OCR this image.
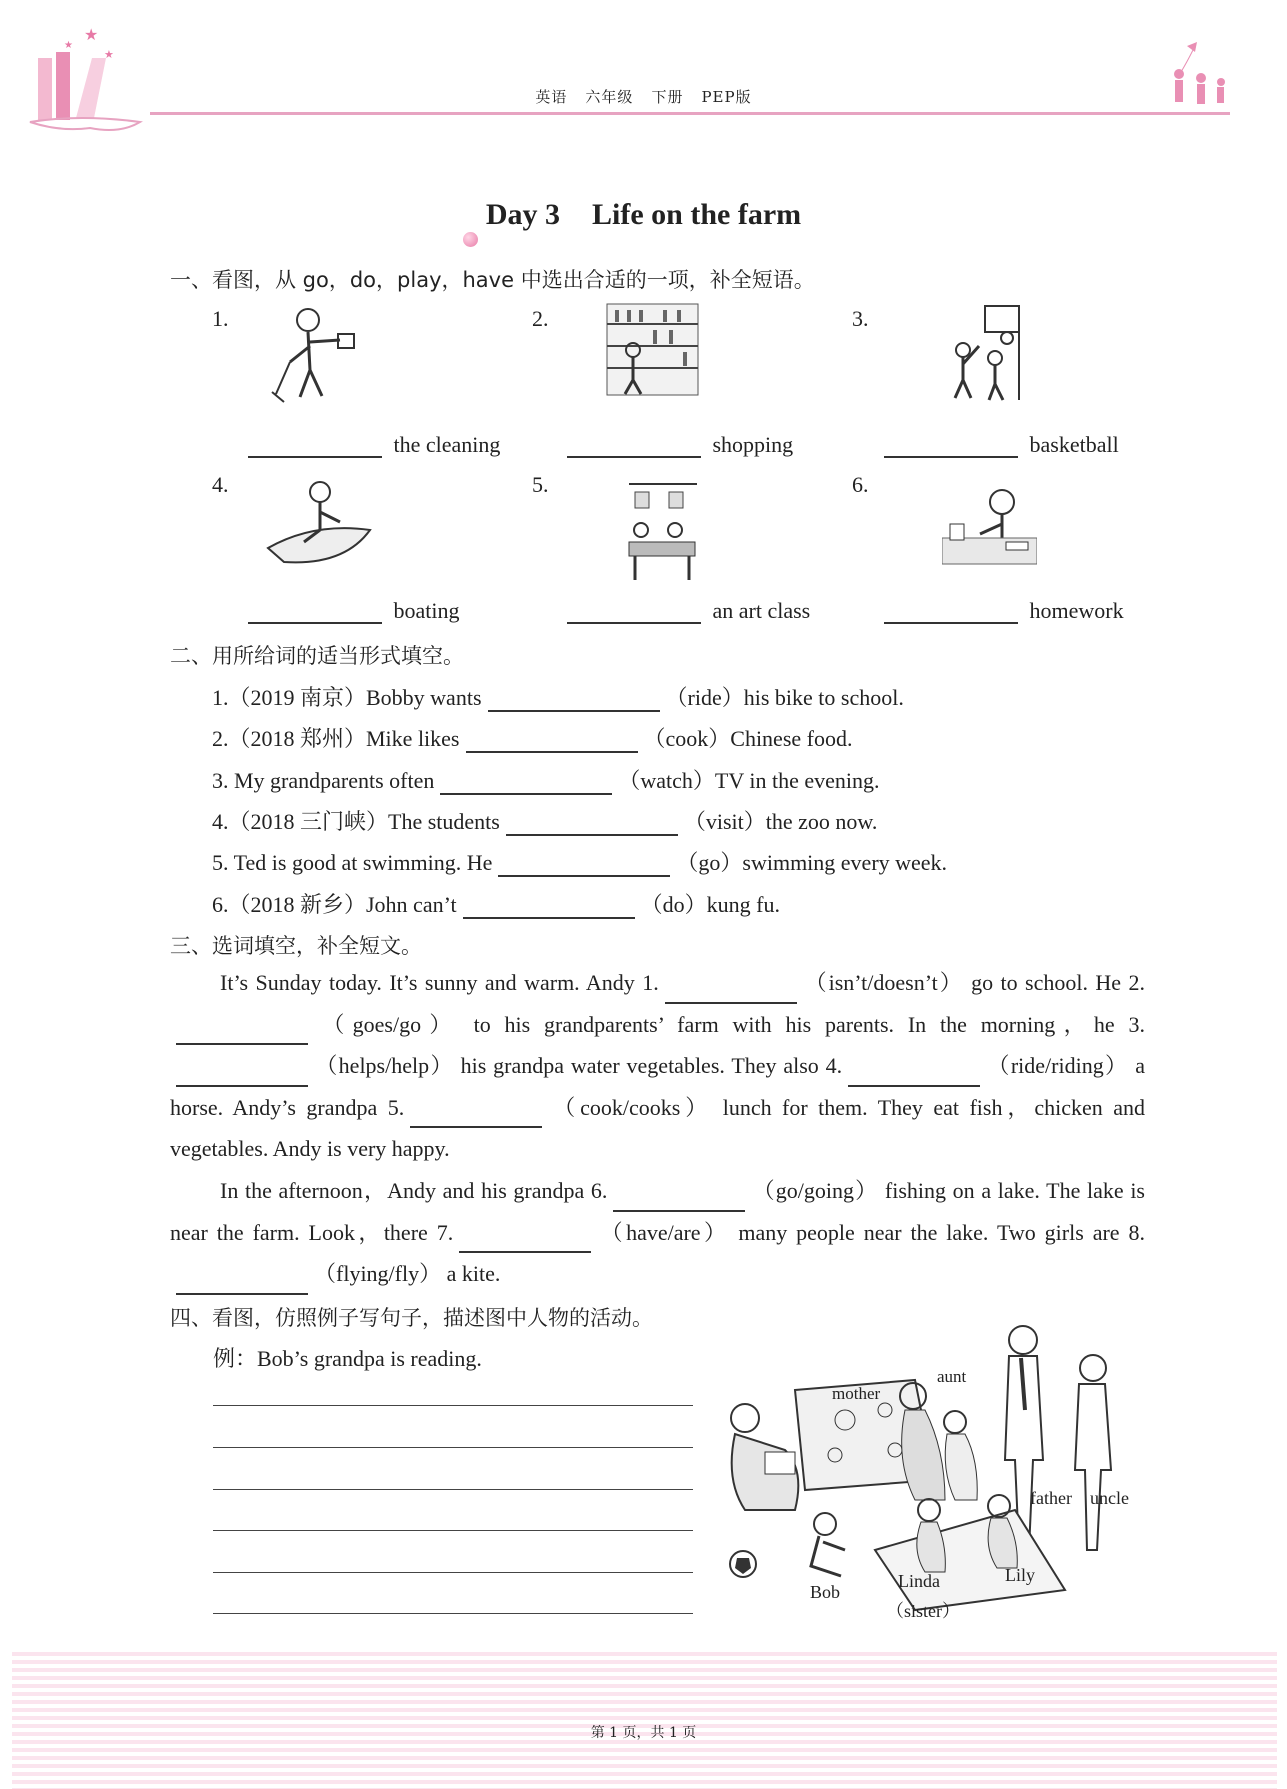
★
★
★
英语 六年级 下册 PEP版
Day 3 Life on the farm
一、看图，从 go，do，play，have 中选出合适的一项，补全短语。
1.	2.	3.
4.	5.	6.
the cleaning	shopping	basketball
boating	an art class	homework
二、用所给词的适当形式填空。
1.（2019 南京）Bobby wants	（ride）his bike to school.
2.（2018 郑州）Mike likes	（cook）Chinese food.
3. My grandparents often	（watch）TV in the evening.
4.（2018 三门峡）The students	（visit）the zoo now.
5. Ted is good at swimming. He	（go）swimming every week.
6.（2018 新乡）John can’t	（do）kung fu.
三、选词填空，补全短文。
It’s Sunday today. It’s sunny and warm. Andy 1.	（isn’t/doesn’t） go to school. He 2.（goes/go） to his grandparents’ farm with his parents. In the morning，he 3.（helps/help） his grandpa water vegetables. They also 4.	（ride/riding） a horse. Andy’s grandpa 5.	（cook/cooks） lunch for them. They eat fish，chicken and vegetables. Andy is very happy.
In the afternoon，Andy and his grandpa 6.	（go/going） fishing on a lake. The lake is near the farm. Look，there 7.	（have/are） many people near the lake. Two girls are 8.（flying/fly） a kite.
四、看图，仿照例子写句子，描述图中人物的活动。
例：Bob’s grandpa is reading.
mother
aunt
father uncle
Bob
Linda
（sister）
Lily
第 1 页，共 1 页
